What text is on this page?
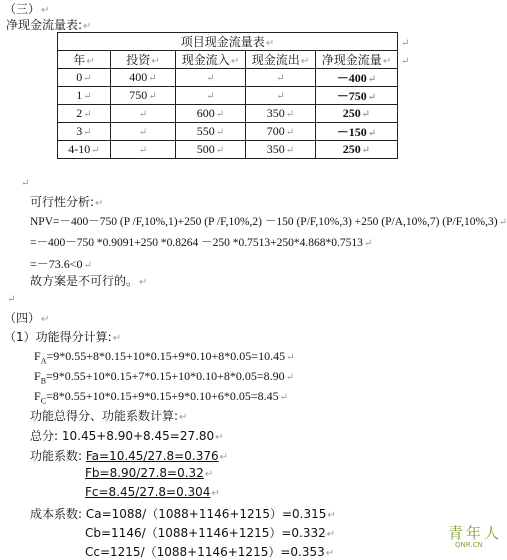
（三）↵
净现金流量表:↵
项目现金流量表↵				
年↵	投资↵	现金流入↵	现金流出↵	净现金流量↵
0↵	400↵	↵	↵	－400↵
1↵	750↵	↵	↵	－750↵
2↵	↵	600↵	350↵	250↵
3↵	↵	550↵	700↵	－150↵
4-10↵	↵	500↵	350↵	250↵
↵
↵
↵
可行性分析:↵
NPV=－400－750 (P /F,10%,1)+250 (P /F,10%,2) －150 (P/F,10%,3) +250 (P/A,10%,7) (P/F,10%,3)↵
=－400－750 *0.9091+250 *0.8264 －250 *0.7513+250*4.868*0.7513↵
=－73.6<0↵
故方案是不可行的。↵
↵
（四）↵
（1）功能得分计算:↵
$F_A=9*0.55+8*0.15+10*0.15+9*0.10+8*0.05=10.45↵$
$F_B=9*0.55+10*0.15+7*0.15+10*0.10+8*0.05=8.90↵$
$F_C=8*0.55+10*0.15+9*0.15+9*0.10+6*0.05=8.45↵$
功能总得分、功能系数计算:↵
总分: 10.45+8.90+8.45=27.80↵
功能系数: Fa=10.45/27.8=0.376↵
Fb=8.90/27.8=0.32↵
Fc=8.45/27.8=0.304↵
成本系数: Ca=1088/（1088+1146+1215）=0.315↵
Cb=1146/（1088+1146+1215）=0.332↵
Cc=1215/（1088+1146+1215）=0.353↵
青年人
QNR.CN
